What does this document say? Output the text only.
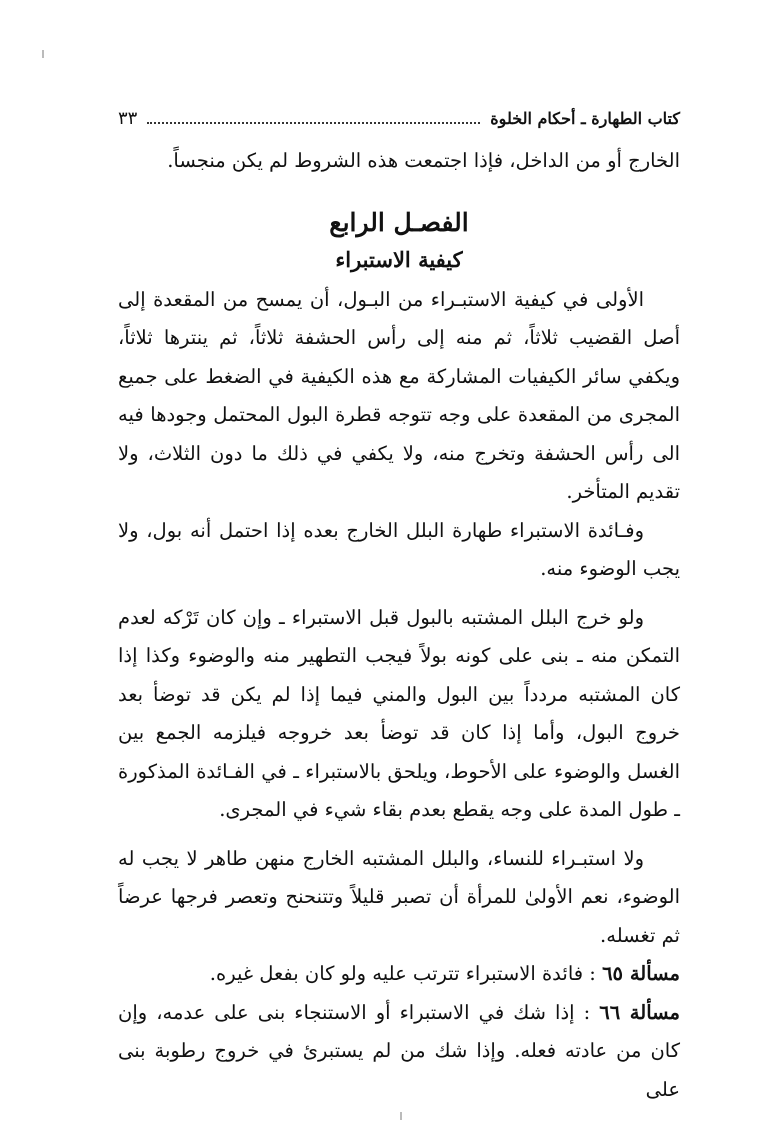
كتاب الطهارة ـ أحكام الخلوة
٣٣

الخارج أو من الداخل، فإذا اجتمعت هذه الشروط لم يكن منجساً.

الفصـل الرابع
كيفية الاستبراء

الأولى في كيفية الاستبـراء من البـول، أن يمسح من المقعدة إلى أصل القضيب ثلاثاً، ثم منه إلى رأس الحشفة ثلاثاً، ثم ينترها ثلاثاً، ويكفي سائر الكيفيات المشاركة مع هذه الكيفية في الضغط على جميع المجرى من المقعدة على وجه تتوجه قطرة البول المحتمل وجودها فيه الى رأس الحشفة وتخرج منه، ولا يكفي في ذلك ما دون الثلاث، ولا تقديم المتأخر.

وفـائدة الاستبراء طهارة البلل الخارج بعده إذا احتمل أنه بول، ولا يجب الوضوء منه.

ولو خرج البلل المشتبه بالبول قبل الاستبراء ـ وإن كان تَرْكه لعدم التمكن منه ـ بنى على كونه بولاً فيجب التطهير منه والوضوء وكذا إذا كان المشتبه مردداً بين البول والمني فيما إذا لم يكن قد توضأ بعد خروج البول، وأما إذا كان قد توضأ بعد خروجه فيلزمه الجمع بين الغسل والوضوء على الأحوط، ويلحق بالاستبراء ـ في الفـائدة المذكورة ـ طول المدة على وجه يقطع بعدم بقاء شيء في المجرى.

ولا استبـراء للنساء، والبلل المشتبه الخارج منهن طاهر لا يجب له الوضوء، نعم الأولىٰ للمرأة أن تصبر قليلاً وتتنحنح وتعصر فرجها عرضاً ثم تغسله.

مسألة ٦٥ : فائدة الاستبراء تترتب عليه ولو كان بفعل غيره.

مسألة ٦٦ : إذا شك في الاستبراء أو الاستنجاء بنى على عدمه، وإن كان من عادته فعله. وإذا شك من لم يستبرئ في خروج رطوبة بنى على
